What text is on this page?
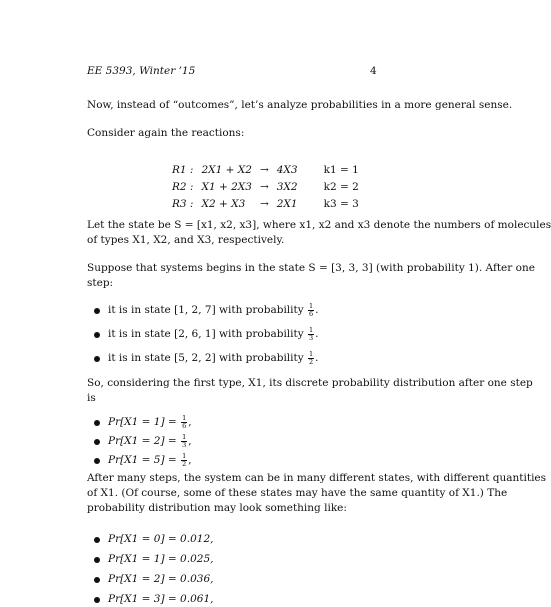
EE 5393, Winter ’15	4
Now, instead of “outcomes”, let’s analyze probabilities in a more general sense.
Consider again the reactions:
R1 :	2X1 + X2	→	4X3	k1 = 1
R2 :	X1 + 2X3	→	3X2	k2 = 2
R3 :	X2 + X3	→	2X1	k3 = 3
Let the state be S = [x1, x2, x3], where x1, x2 and x3 denote the numbers of molecules
of types X1, X2, and X3, respectively.
Suppose that systems begins in the state S = [3, 3, 3] (with probability 1). After one
step:
it is in state [1, 2, 7] with probability $\frac{1}{6}$ .
it is in state [2, 6, 1] with probability $\frac{1}{3}$ .
it is in state [5, 2, 2] with probability $\frac{1}{2}$ .
So, considering the first type, X1, its discrete probability distribution after one step
is
$Pr[X1 = 1] = \frac{1}{6}$ ,
$Pr[X1 = 2] = \frac{1}{3}$ ,
$Pr[X1 = 5] = \frac{1}{2}$ ,
After many steps, the system can be in many different states, with different quantities
of X1. (Of course, some of these states may have the same quantity of X1.) The
probability distribution may look something like:
Pr[X1 = 0] = 0.012,
Pr[X1 = 1] = 0.025,
Pr[X1 = 2] = 0.036,
Pr[X1 = 3] = 0.061,
